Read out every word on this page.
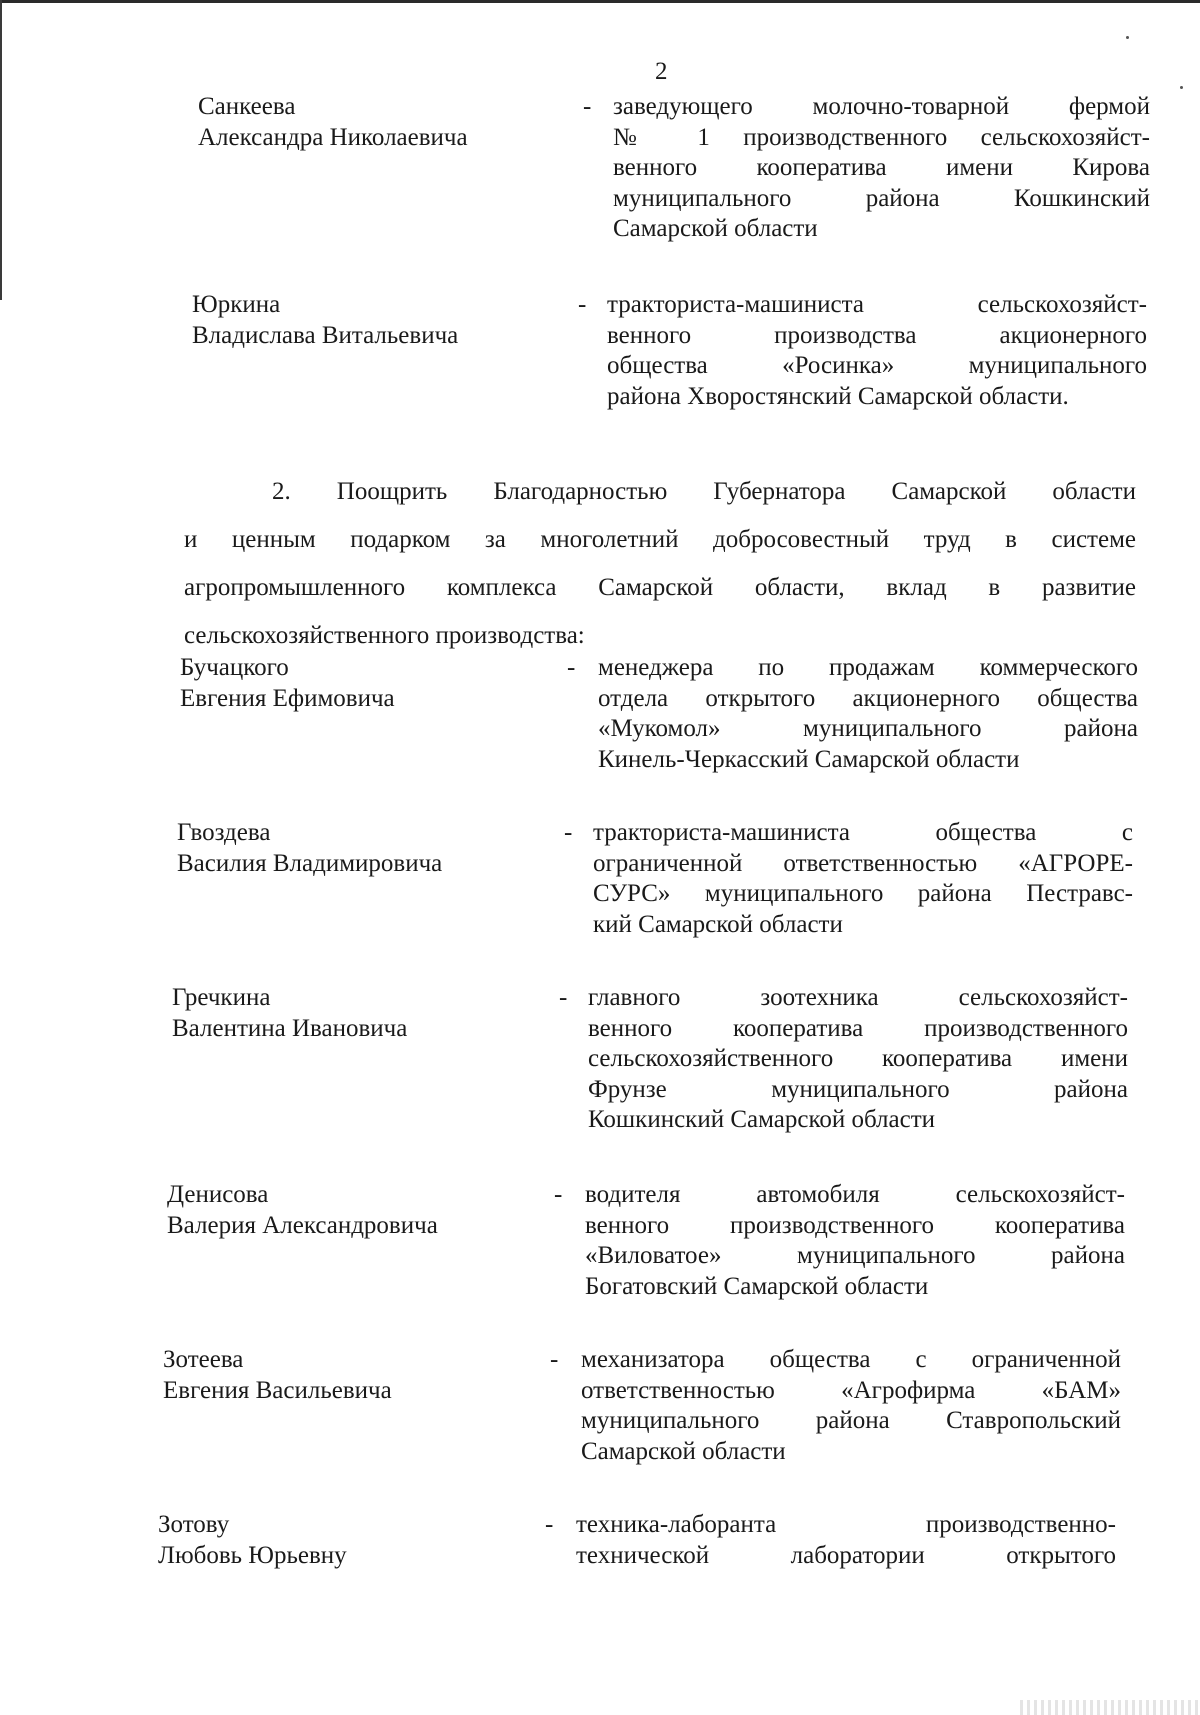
2
Санкеева
Александра Николаевича
- заведующего молочно-товарной фермой
№ 1 производственного сельскохозяйст-
венного кооператива имени Кирова
муниципального района Кошкинский
Самарской области
Юркина
Владислава Витальевича
- тракториста-машиниста сельскохозяйст-
венного производства акционерного
общества «Росинка» муниципального
района Хворостянский Самарской области.
2. Поощрить Благодарностью Губернатора Самарской области
и ценным подарком за многолетний добросовестный труд в системе
агропромышленного комплекса Самарской области, вклад в развитие
сельскохозяйственного производства:
Бучацкого
Евгения Ефимовича
- менеджера по продажам коммерческого
отдела открытого акционерного общества
«Мукомол» муниципального района
Кинель-Черкасский Самарской области
Гвоздева
Василия Владимировича
- тракториста-машиниста общества с
ограниченной ответственностью «АГРОРЕ-
СУРС» муниципального района Пестравс-
кий Самарской области
Гречкина
Валентина Ивановича
- главного зоотехника сельскохозяйст-
венного кооператива производственного
сельскохозяйственного кооператива имени
Фрунзе муниципального района
Кошкинский Самарской области
Денисова
Валерия Александровича
- водителя автомобиля сельскохозяйст-
венного производственного кооператива
«Виловатое» муниципального района
Богатовский Самарской области
Зотеева
Евгения Васильевича
- механизатора общества с ограниченной
ответственностью «Агрофирма «БАМ»
муниципального района Ставропольский
Самарской области
Зотову
Любовь Юрьевну
- техника-лаборанта производственно-
технической лаборатории открытого
